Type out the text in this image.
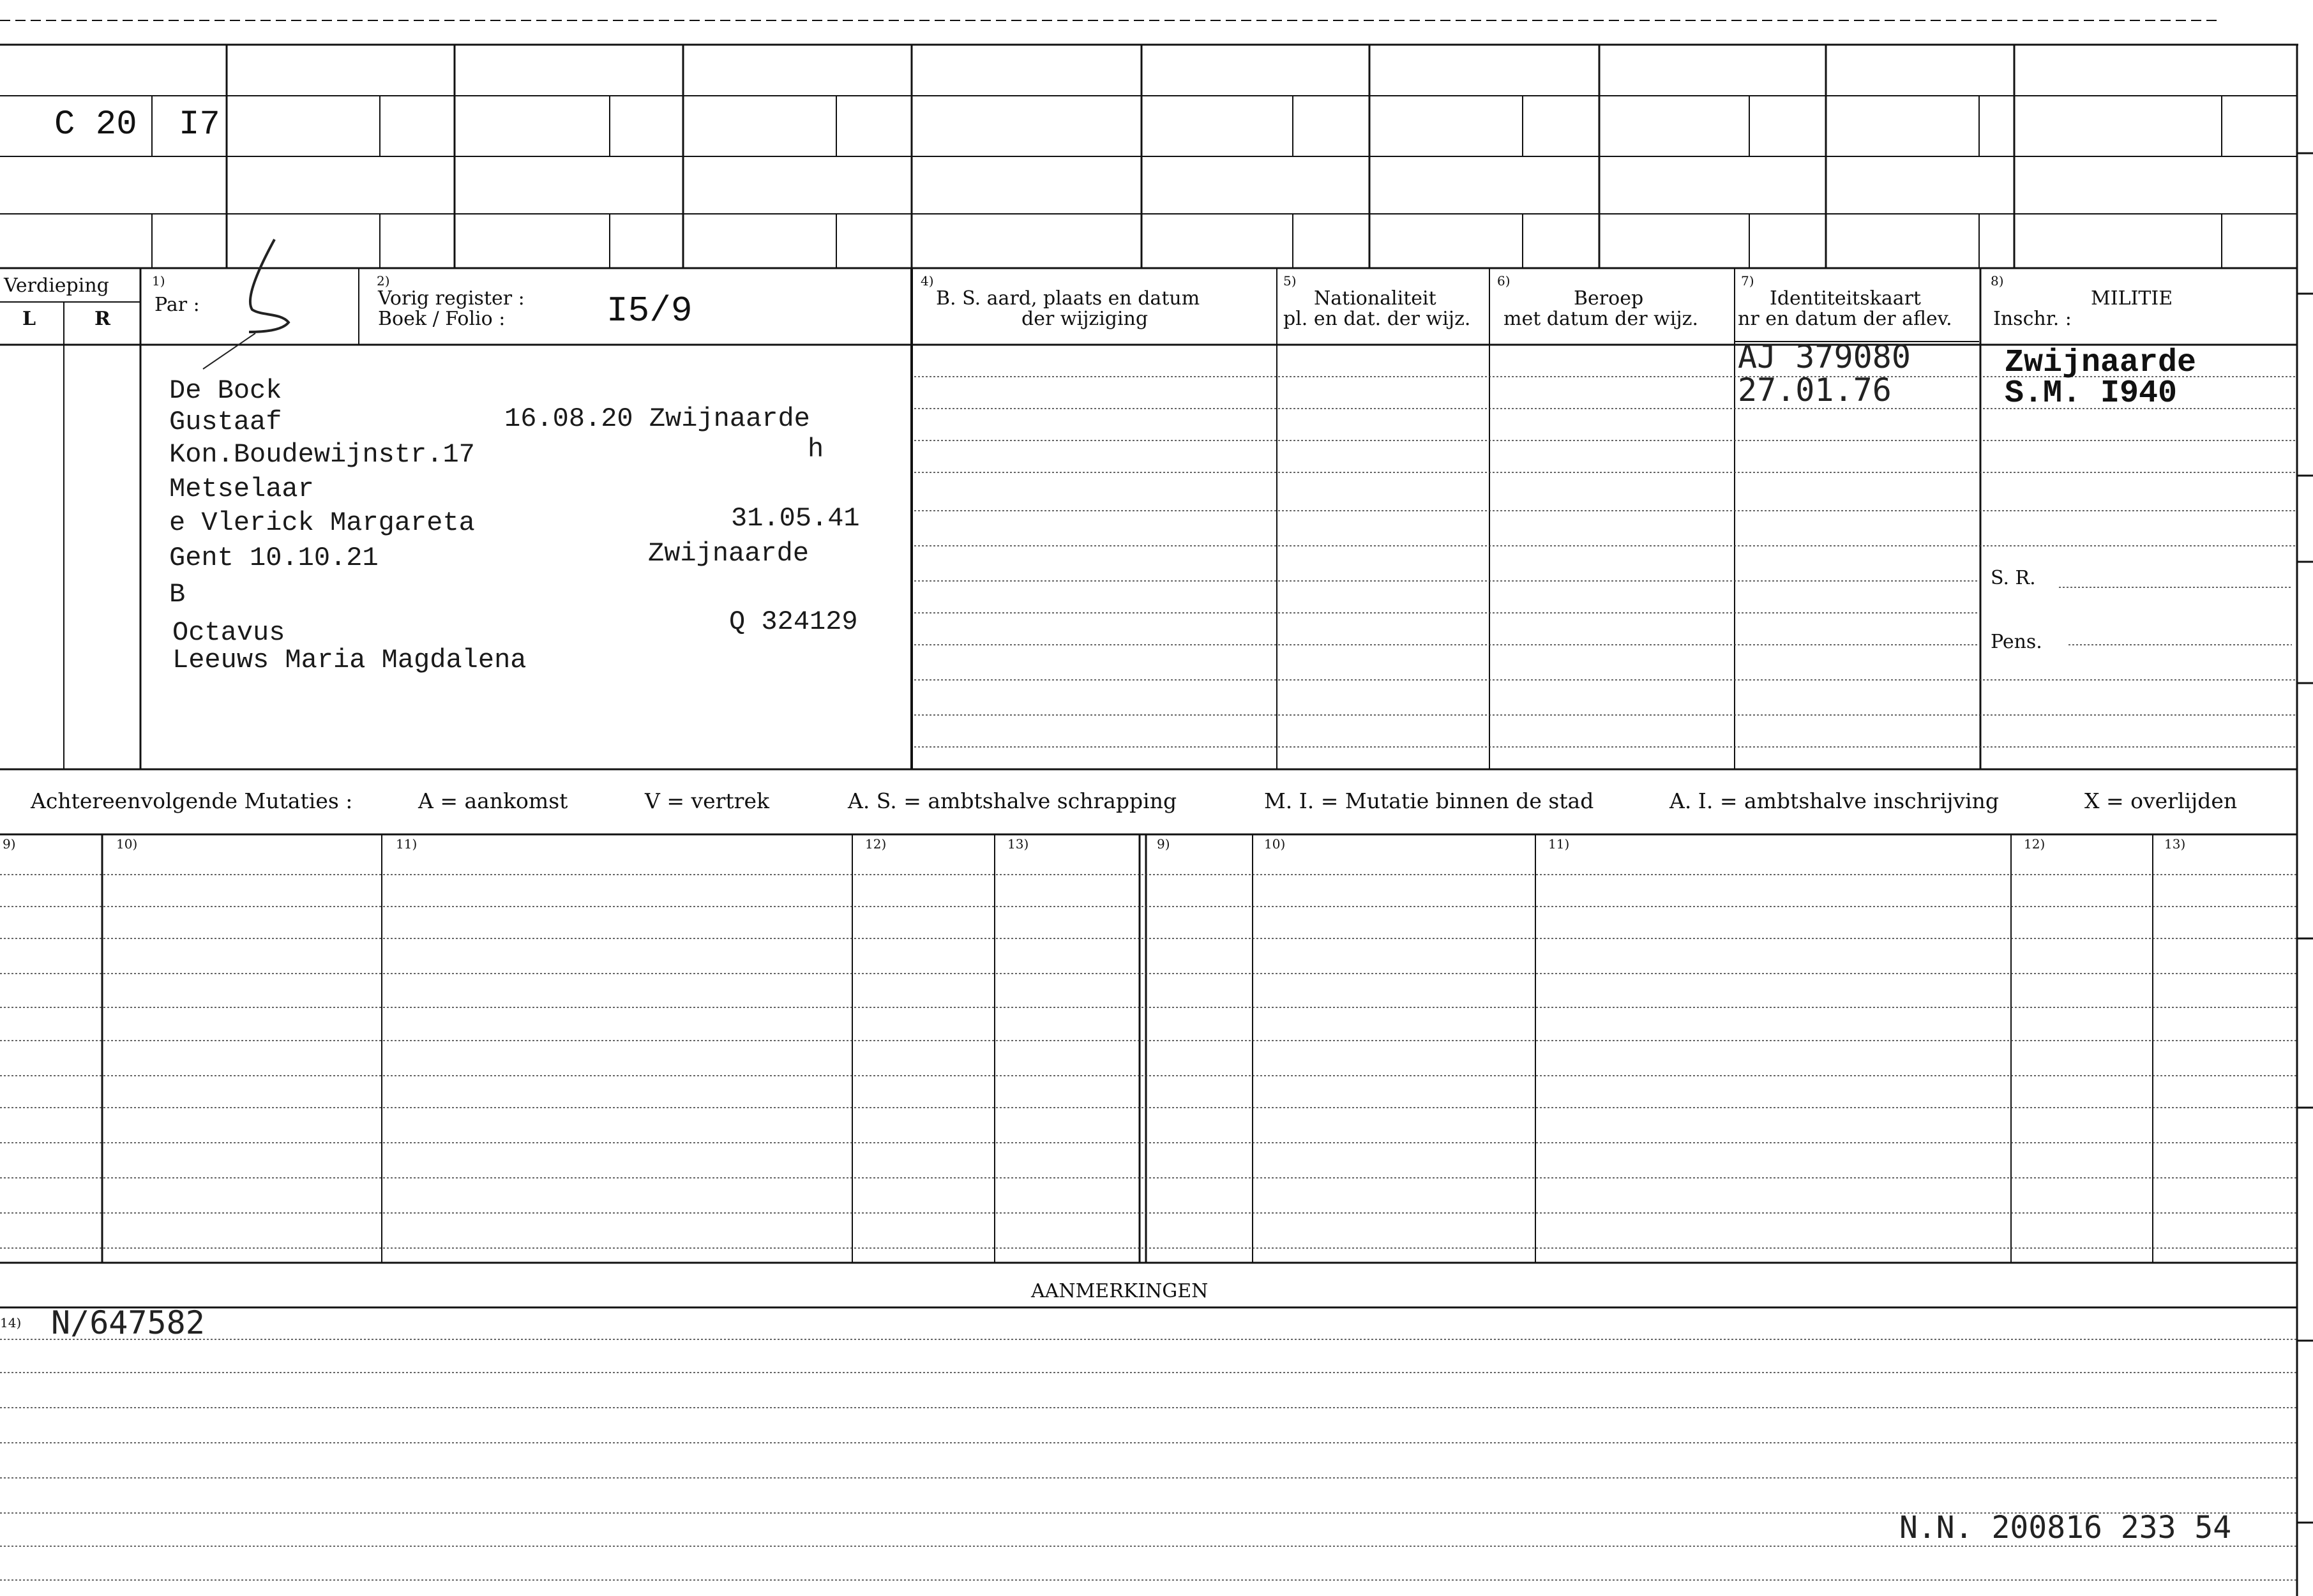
C 20 I7
Verdieping
L	R
1)
Par :
2)
Vorig register :
Boek / Folio :	I5/9
4)
B. S. aard, plaats en datum
der wijziging
5)
Nationaliteit
pl. en dat. der wijz.
6)
Beroep
met datum der wijz.
7)
Identiteitskaart
nr en datum der aflev.
8)
MILITIE
Inschr. :
De Bock
Gustaaf	16.08.20 Zwijnaarde
Kon.Boudewijnstr.17	h
Metselaar
e Vlerick Margareta	31.05.41
Gent 10.10.21	Zwijnaarde
B
Octavus	Q 324129
Leeuws Maria Magdalena
AJ 379080
27.01.76
Zwijnaarde
S.M. I940
S. R.
Pens.
Achtereenvolgende Mutaties :	A = aankomst	V = vertrek	A. S. = ambtshalve schrapping	M. I. = Mutatie binnen de stad	A. I. = ambtshalve inschrijving	X = overlijden
9)	10)	11)	12)	13)	9)	10)	11)	12)	13)
AANMERKINGEN
14) N/647582
N.N. 200816 233 54
